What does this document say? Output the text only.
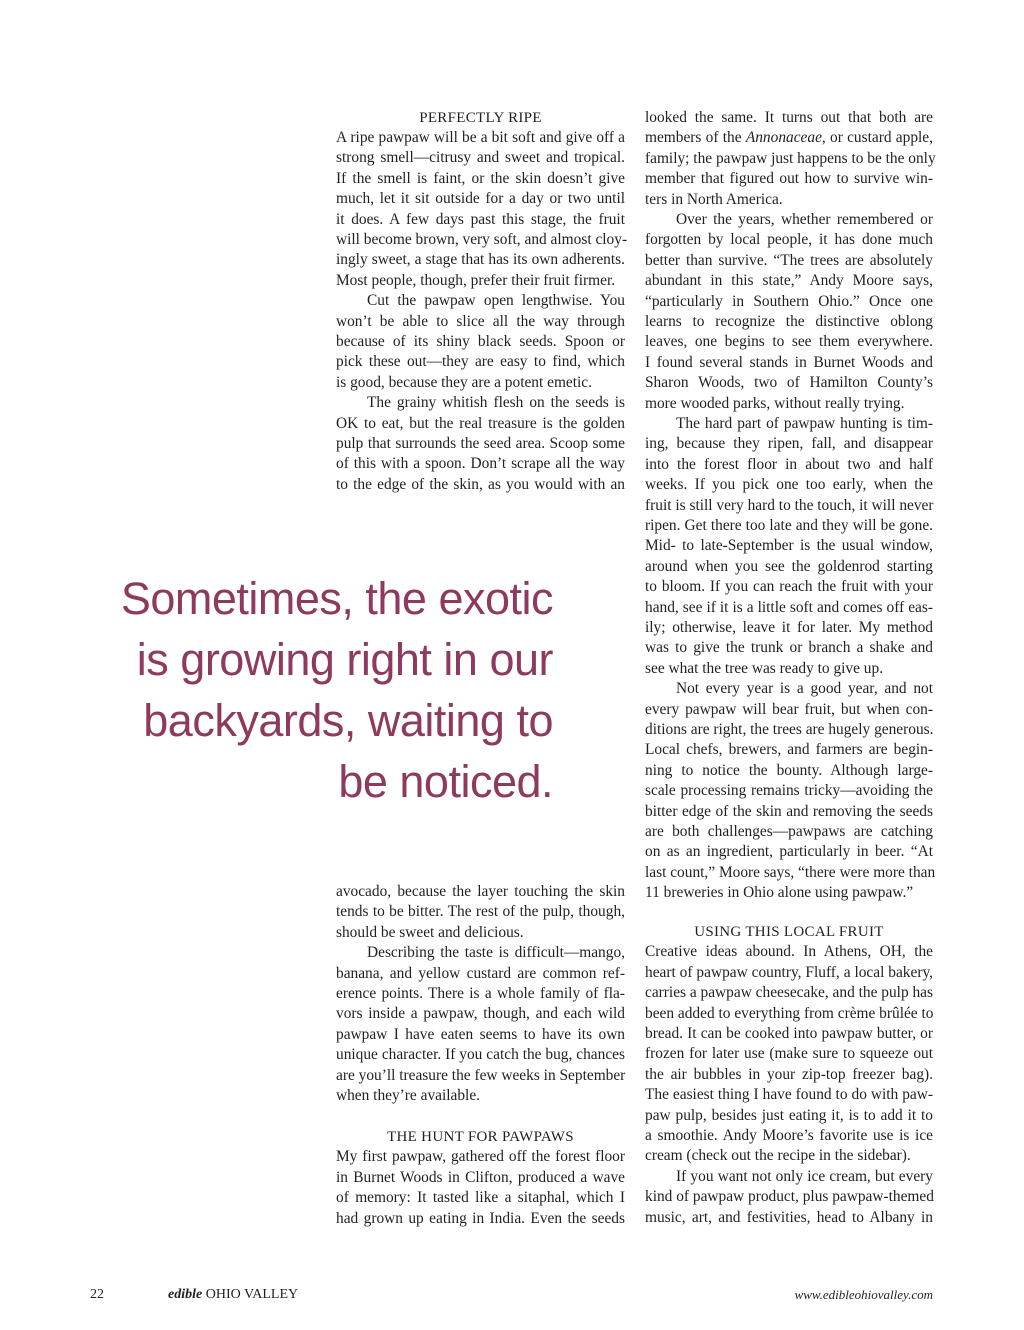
PERFECTLY RIPE
A ripe pawpaw will be a bit soft and give off a
strong smell—citrusy and sweet and tropical.
If the smell is faint, or the skin doesn’t give
much, let it sit outside for a day or two until
it does. A few days past this stage, the fruit
will become brown, very soft, and almost cloy-
ingly sweet, a stage that has its own adherents.
Most people, though, prefer their fruit firmer.
Cut the pawpaw open lengthwise. You
won’t be able to slice all the way through
because of its shiny black seeds. Spoon or
pick these out—they are easy to find, which
is good, because they are a potent emetic.
The grainy whitish flesh on the seeds is
OK to eat, but the real treasure is the golden
pulp that surrounds the seed area. Scoop some
of this with a spoon. Don’t scrape all the way
to the edge of the skin, as you would with an
Sometimes, the exotic
is growing right in our
backyards, waiting to
be noticed.
avocado, because the layer touching the skin
tends to be bitter. The rest of the pulp, though,
should be sweet and delicious.
Describing the taste is difficult—mango,
banana, and yellow custard are common ref-
erence points. There is a whole family of fla-
vors inside a pawpaw, though, and each wild
pawpaw I have eaten seems to have its own
unique character. If you catch the bug, chances
are you’ll treasure the few weeks in September
when they’re available.
THE HUNT FOR PAWPAWS
My first pawpaw, gathered off the forest floor
in Burnet Woods in Clifton, produced a wave
of memory: It tasted like a sitaphal, which I
had grown up eating in India. Even the seeds
looked the same. It turns out that both are
members of the Annonaceae, or custard apple,
family; the pawpaw just happens to be the only
member that figured out how to survive win-
ters in North America.
Over the years, whether remembered or
forgotten by local people, it has done much
better than survive. “The trees are absolutely
abundant in this state,” Andy Moore says,
“particularly in Southern Ohio.” Once one
learns to recognize the distinctive oblong
leaves, one begins to see them everywhere.
I found several stands in Burnet Woods and
Sharon Woods, two of Hamilton County’s
more wooded parks, without really trying.
The hard part of pawpaw hunting is tim-
ing, because they ripen, fall, and disappear
into the forest floor in about two and half
weeks. If you pick one too early, when the
fruit is still very hard to the touch, it will never
ripen. Get there too late and they will be gone.
Mid- to late-September is the usual window,
around when you see the goldenrod starting
to bloom. If you can reach the fruit with your
hand, see if it is a little soft and comes off eas-
ily; otherwise, leave it for later. My method
was to give the trunk or branch a shake and
see what the tree was ready to give up.
Not every year is a good year, and not
every pawpaw will bear fruit, but when con-
ditions are right, the trees are hugely generous.
Local chefs, brewers, and farmers are begin-
ning to notice the bounty. Although large-
scale processing remains tricky—avoiding the
bitter edge of the skin and removing the seeds
are both challenges—pawpaws are catching
on as an ingredient, particularly in beer. “At
last count,” Moore says, “there were more than
11 breweries in Ohio alone using pawpaw.”
USING THIS LOCAL FRUIT
Creative ideas abound. In Athens, OH, the
heart of pawpaw country, Fluff, a local bakery,
carries a pawpaw cheesecake, and the pulp has
been added to everything from crème brûlée to
bread. It can be cooked into pawpaw butter, or
frozen for later use (make sure to squeeze out
the air bubbles in your zip-top freezer bag).
The easiest thing I have found to do with paw-
paw pulp, besides just eating it, is to add it to
a smoothie. Andy Moore’s favorite use is ice
cream (check out the recipe in the sidebar).
If you want not only ice cream, but every
kind of pawpaw product, plus pawpaw-themed
music, art, and festivities, head to Albany in
22	edible OHIO VALLEY	www.edibleohiovalley.com
